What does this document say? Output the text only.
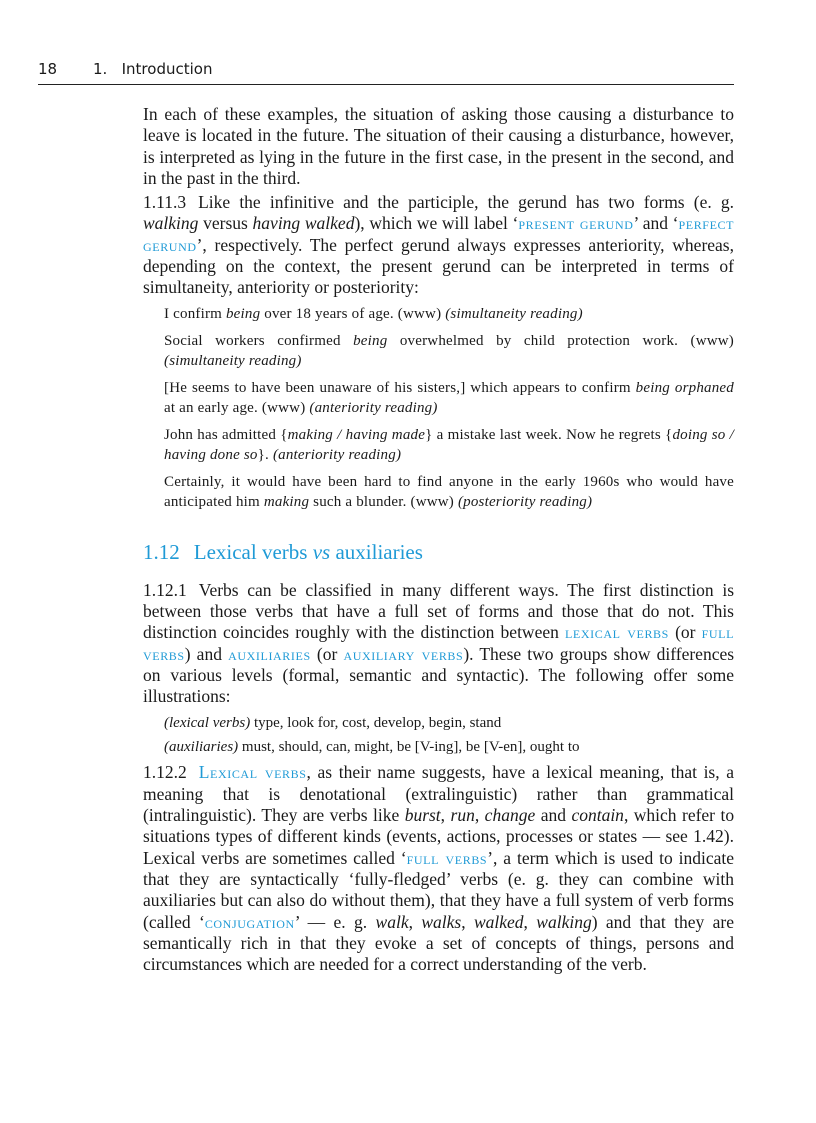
18 1.   Introduction

In each of these examples, the situation of asking those causing a disturbance to leave is located in the future. The situation of their causing a disturbance, however, is interpreted as lying in the future in the first case, in the present in the second, and in the past in the third.

1.11.3 Like the infinitive and the participle, the gerund has two forms (e. g. walking versus having walked), which we will label ‘present gerund’ and ‘perfect gerund’, respectively. The perfect gerund always expresses anteriority, whereas, depending on the context, the present gerund can be interpreted in terms of simultaneity, anteriority or posteriority:

I confirm being over 18 years of age. (www) (simultaneity reading)
Social workers confirmed being overwhelmed by child protection work. (www) (simultaneity reading)
[He seems to have been unaware of his sisters,] which appears to confirm being orphaned at an early age. (www) (anteriority reading)
John has admitted {making / having made} a mistake last week. Now he regrets {doing so / having done so}. (anteriority reading)
Certainly, it would have been hard to find anyone in the early 1960s who would have anticipated him making such a blunder. (www) (posteriority reading)
1.12 Lexical verbs vs auxiliaries

1.12.1 Verbs can be classified in many different ways. The first distinction is between those verbs that have a full set of forms and those that do not. This distinction coincides roughly with the distinction between lexical verbs (or full verbs) and auxiliaries (or auxiliary verbs). These two groups show differences on various levels (formal, semantic and syntactic). The following offer some illustrations:

(lexical verbs) type, look for, cost, develop, begin, stand
(auxiliaries) must, should, can, might, be [V-ing], be [V-en], ought to

1.12.2 Lexical verbs, as their name suggests, have a lexical meaning, that is, a meaning that is denotational (extralinguistic) rather than grammatical (intralinguistic). They are verbs like burst, run, change and contain, which refer to situations types of different kinds (events, actions, processes or states — see 1.42). Lexical verbs are sometimes called ‘full verbs’, a term which is used to indicate that they are syntactically ‘fully-fledged’ verbs (e. g. they can combine with auxiliaries but can also do without them), that they have a full system of verb forms (called ‘conjugation’ — e. g. walk, walks, walked, walking) and that they are semantically rich in that they evoke a set of concepts of things, persons and circumstances which are needed for a correct understanding of the verb.
